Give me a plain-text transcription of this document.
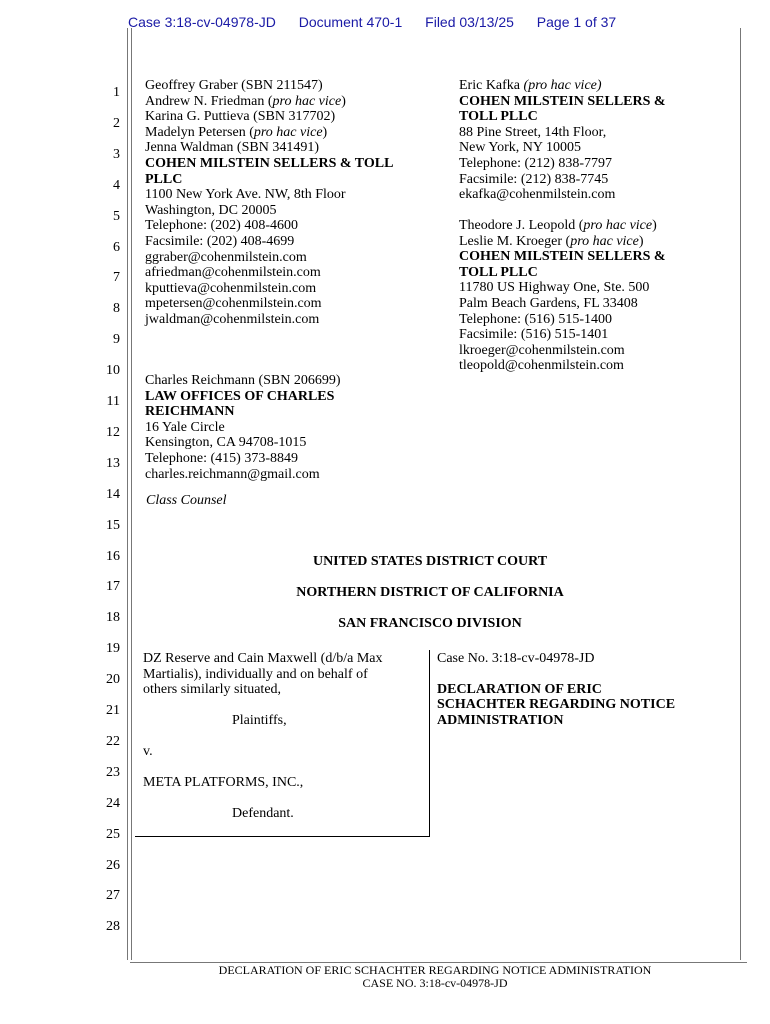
Case 3:18-cv-04978-JD Document 470-1 Filed 03/13/25 Page 1 of 37
1
2
3
4
5
6
7
8
9
10
11
12
13
14
15
16
17
18
19
20
21
22
23
24
25
26
27
28
Geoffrey Graber (SBN 211547)
Andrew N. Friedman (pro hac vice)
Karina G. Puttieva (SBN 317702)
Madelyn Petersen (pro hac vice)
Jenna Waldman (SBN 341491)
COHEN MILSTEIN SELLERS & TOLL
PLLC
1100 New York Ave. NW, 8th Floor
Washington, DC 20005
Telephone: (202) 408-4600
Facsimile: (202) 408-4699
ggraber@cohenmilstein.com
afriedman@cohenmilstein.com
kputtieva@cohenmilstein.com
mpetersen@cohenmilstein.com
jwaldman@cohenmilstein.com
Eric Kafka (pro hac vice)
COHEN MILSTEIN SELLERS &
TOLL PLLC
88 Pine Street, 14th Floor,
New York, NY 10005
Telephone: (212) 838-7797
Facsimile: (212) 838-7745
ekafka@cohenmilstein.com
Theodore J. Leopold (pro hac vice)
Leslie M. Kroeger (pro hac vice)
COHEN MILSTEIN SELLERS &
TOLL PLLC
11780 US Highway One, Ste. 500
Palm Beach Gardens, FL 33408
Telephone: (516) 515-1400
Facsimile: (516) 515-1401
lkroeger@cohenmilstein.com
tleopold@cohenmilstein.com
Charles Reichmann (SBN 206699)
LAW OFFICES OF CHARLES
REICHMANN
16 Yale Circle
Kensington, CA 94708-1015
Telephone: (415) 373-8849
charles.reichmann@gmail.com
Class Counsel
UNITED STATES DISTRICT COURT
NORTHERN DISTRICT OF CALIFORNIA
SAN FRANCISCO DIVISION
DZ Reserve and Cain Maxwell (d/b/a Max
Martialis), individually and on behalf of
others similarly situated,
Plaintiffs,
v.
META PLATFORMS, INC.,
Defendant.
Case No. 3:18-cv-04978-JD
DECLARATION OF ERIC
SCHACHTER REGARDING NOTICE
ADMINISTRATION
DECLARATION OF ERIC SCHACHTER REGARDING NOTICE ADMINISTRATION
CASE NO. 3:18-cv-04978-JD
